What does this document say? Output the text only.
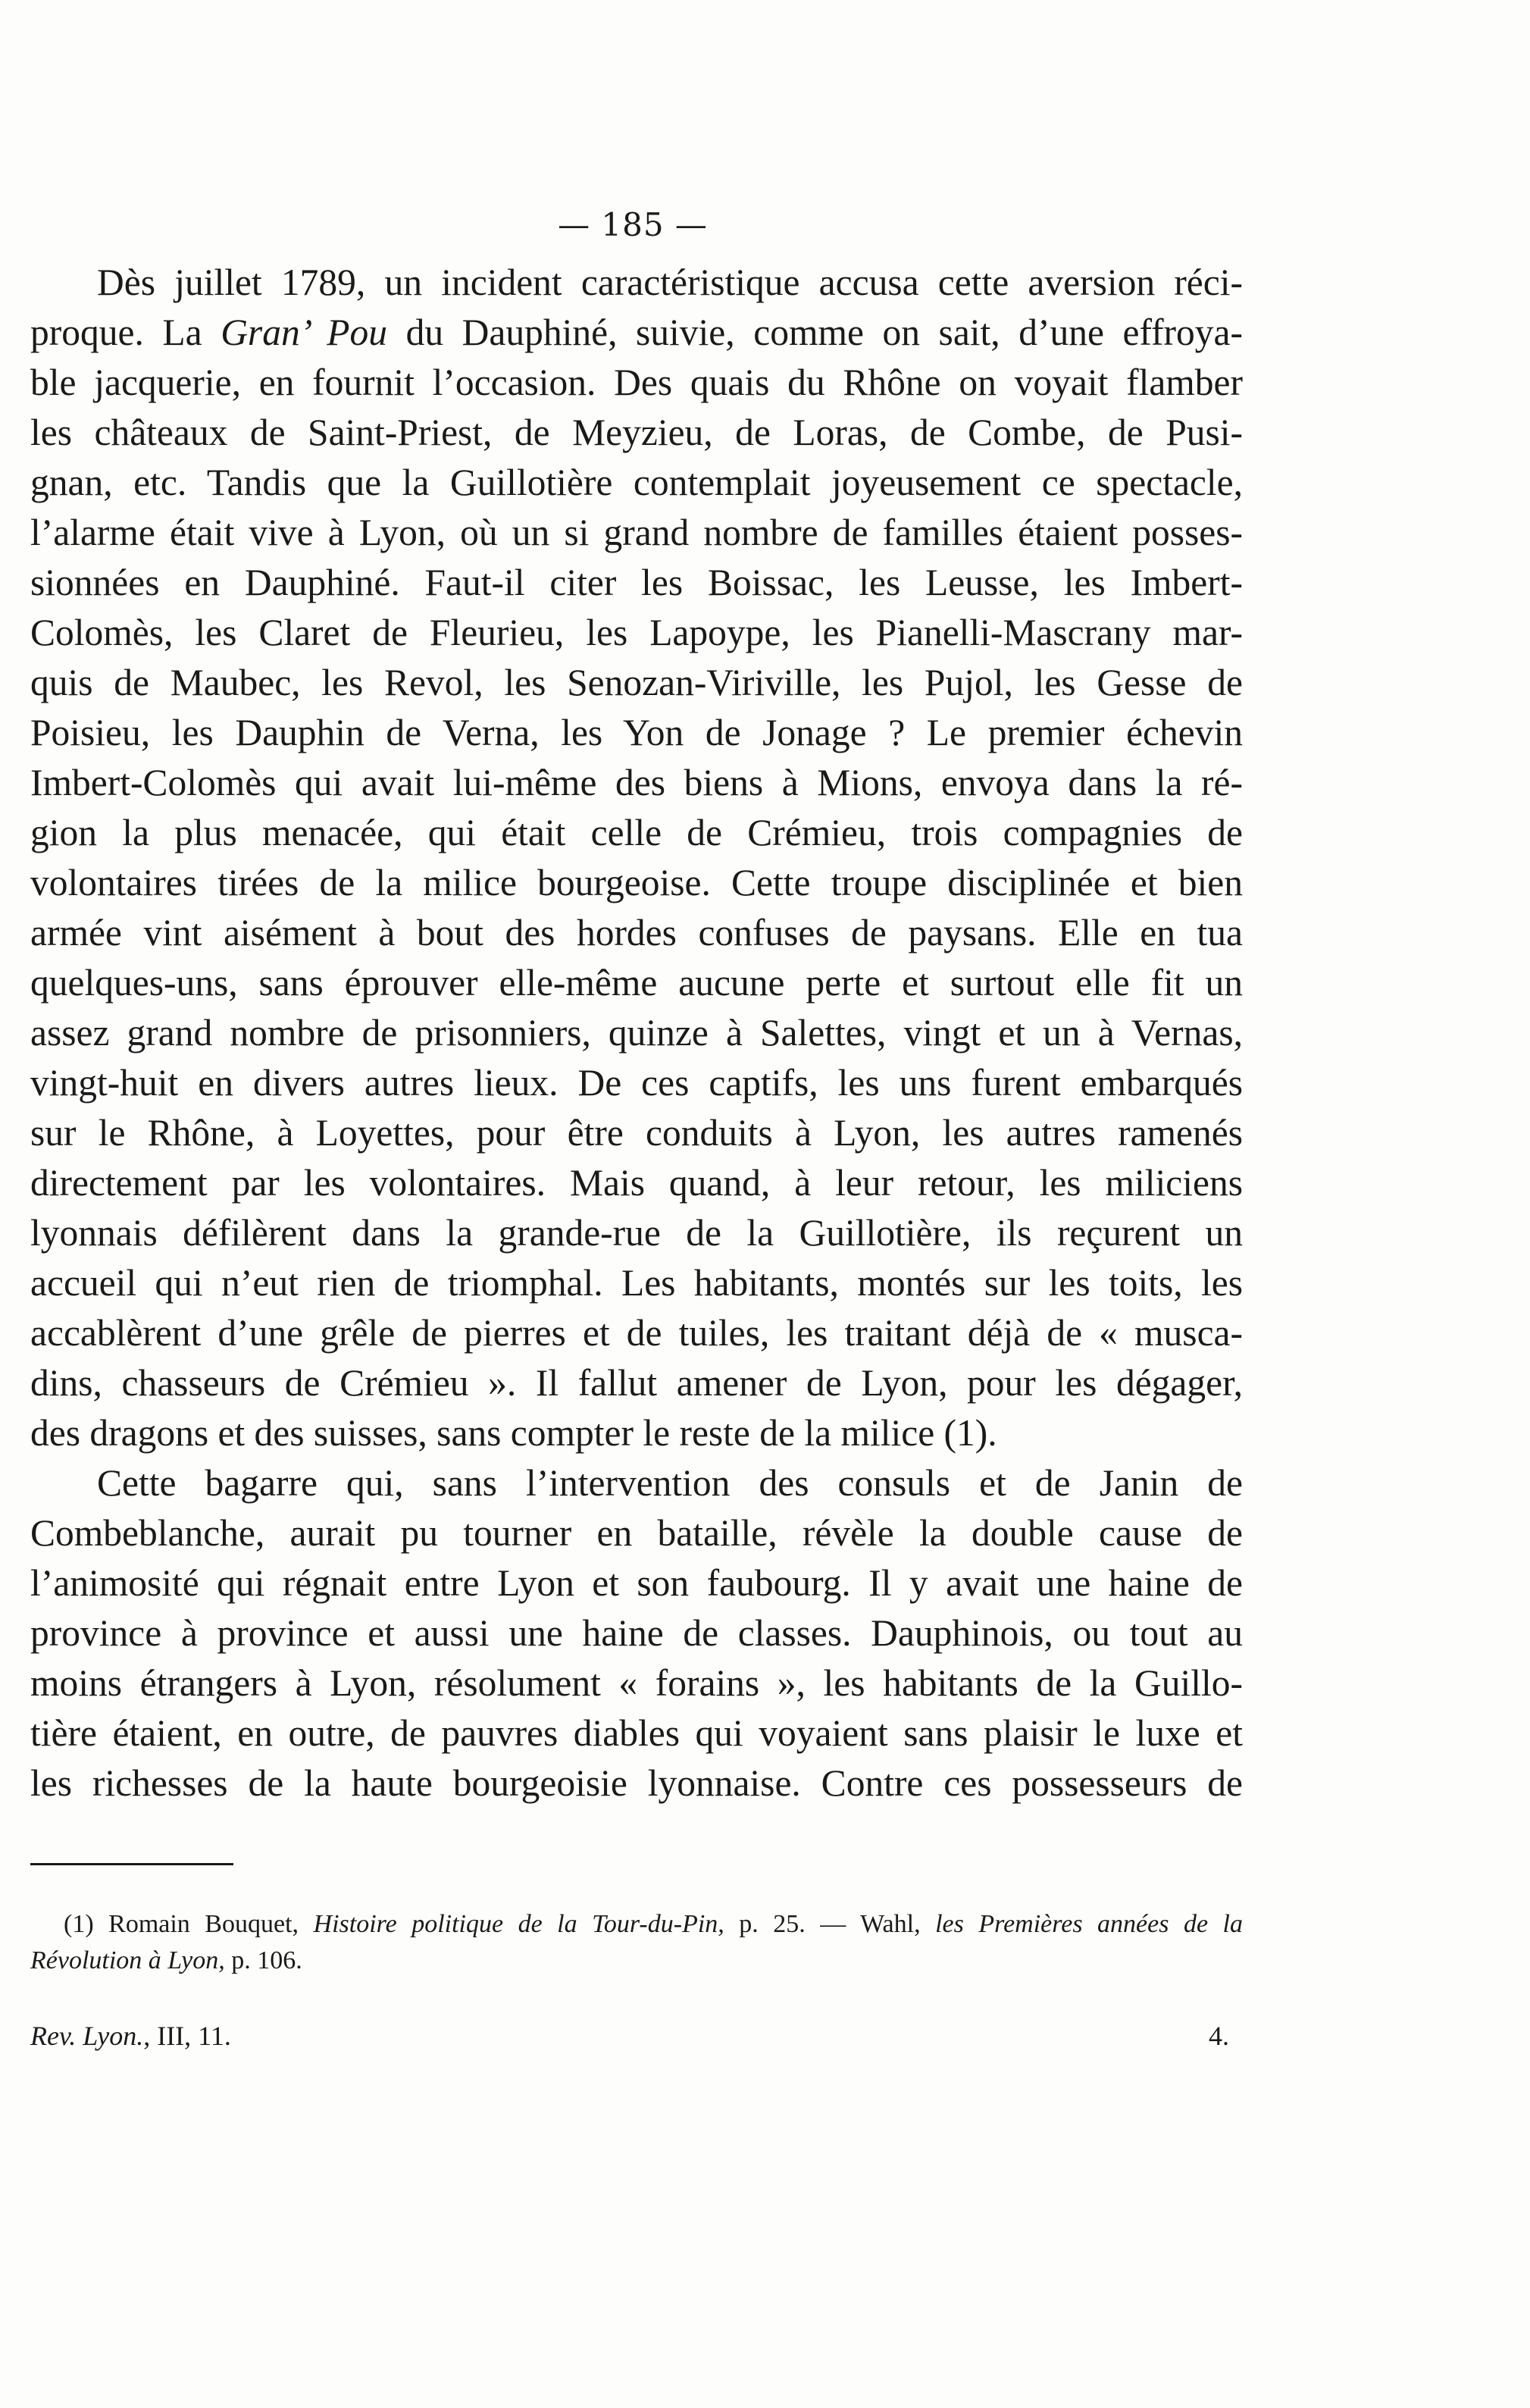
— 185 —
Dès juillet 1789, un incident caractéristique accusa cette aversion réci-
proque. La Gran’ Pou du Dauphiné, suivie, comme on sait, d’une effroya-
ble jacquerie, en fournit l’occasion. Des quais du Rhône on voyait flamber
les châteaux de Saint-Priest, de Meyzieu, de Loras, de Combe, de Pusi-
gnan, etc. Tandis que la Guillotière contemplait joyeusement ce spectacle,
l’alarme était vive à Lyon, où un si grand nombre de familles étaient posses-
sionnées en Dauphiné. Faut-il citer les Boissac, les Leusse, les Imbert-
Colomès, les Claret de Fleurieu, les Lapoype, les Pianelli-Mascrany mar-
quis de Maubec, les Revol, les Senozan-Viriville, les Pujol, les Gesse de
Poisieu, les Dauphin de Verna, les Yon de Jonage ? Le premier échevin
Imbert-Colomès qui avait lui-même des biens à Mions, envoya dans la ré-
gion la plus menacée, qui était celle de Crémieu, trois compagnies de
volontaires tirées de la milice bourgeoise. Cette troupe disciplinée et bien
armée vint aisément à bout des hordes confuses de paysans. Elle en tua
quelques-uns, sans éprouver elle-même aucune perte et surtout elle fit un
assez grand nombre de prisonniers, quinze à Salettes, vingt et un à Vernas,
vingt-huit en divers autres lieux. De ces captifs, les uns furent embarqués
sur le Rhône, à Loyettes, pour être conduits à Lyon, les autres ramenés
directement par les volontaires. Mais quand, à leur retour, les miliciens
lyonnais défilèrent dans la grande-rue de la Guillotière, ils reçurent un
accueil qui n’eut rien de triomphal. Les habitants, montés sur les toits, les
accablèrent d’une grêle de pierres et de tuiles, les traitant déjà de « musca-
dins, chasseurs de Crémieu ». Il fallut amener de Lyon, pour les dégager,
des dragons et des suisses, sans compter le reste de la milice (1).
Cette bagarre qui, sans l’intervention des consuls et de Janin de
Combeblanche, aurait pu tourner en bataille, révèle la double cause de
l’animosité qui régnait entre Lyon et son faubourg. Il y avait une haine de
province à province et aussi une haine de classes. Dauphinois, ou tout au
moins étrangers à Lyon, résolument « forains », les habitants de la Guillo-
tière étaient, en outre, de pauvres diables qui voyaient sans plaisir le luxe et
les richesses de la haute bourgeoisie lyonnaise. Contre ces possesseurs de
(1) Romain Bouquet, Histoire politique de la Tour-du-Pin, p. 25. — Wahl, les Premières années de la
Révolution à Lyon, p. 106.
Rev. Lyon., III, 11.	4.
